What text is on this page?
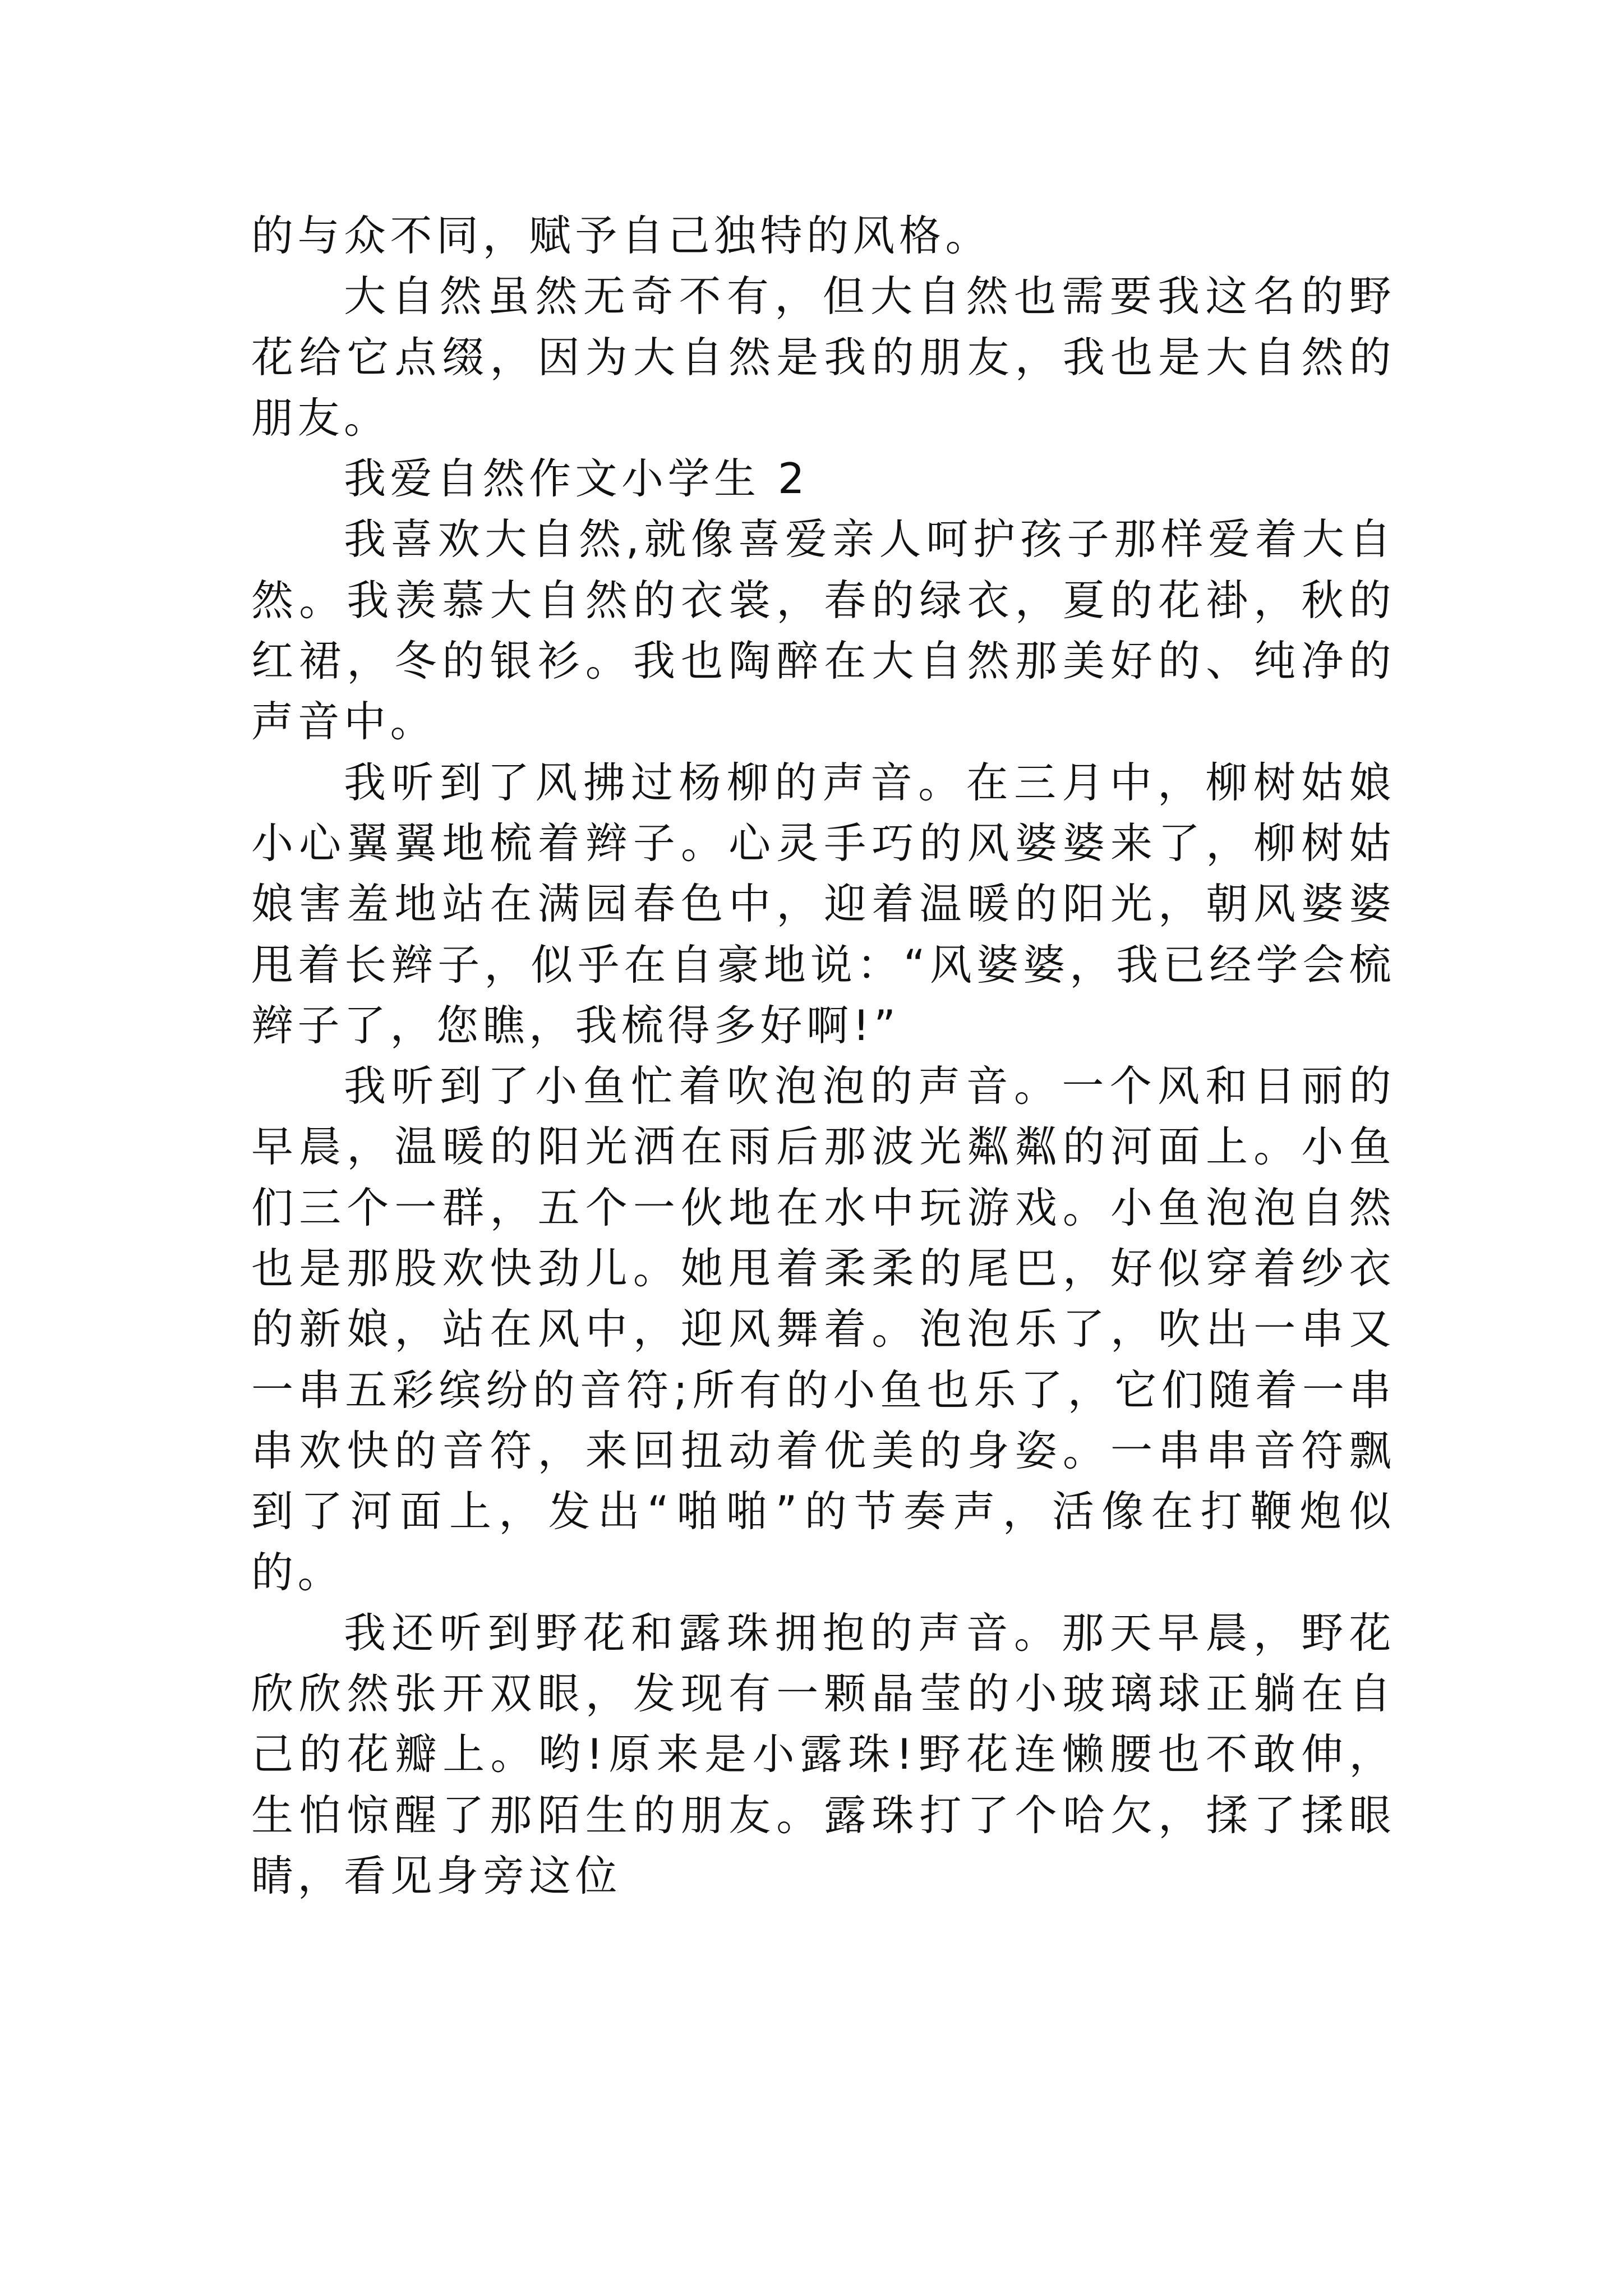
的与众不同，赋予自己独特的风格。

大自然虽然无奇不有，但大自然也需要我这名的野花给它点缀，因为大自然是我的朋友，我也是大自然的朋友。

我爱自然作文小学生 2

我喜欢大自然,就像喜爱亲人呵护孩子那样爱着大自然。我羡慕大自然的衣裳，春的绿衣，夏的花褂，秋的红裙，冬的银衫。我也陶醉在大自然那美好的、纯净的声音中。

我听到了风拂过杨柳的声音。在三月中，柳树姑娘小心翼翼地梳着辫子。心灵手巧的风婆婆来了，柳树姑娘害羞地站在满园春色中，迎着温暖的阳光，朝风婆婆甩着长辫子，似乎在自豪地说：“风婆婆，我已经学会梳辫子了，您瞧，我梳得多好啊!”

我听到了小鱼忙着吹泡泡的声音。一个风和日丽的早晨，温暖的阳光洒在雨后那波光粼粼的河面上。小鱼们三个一群，五个一伙地在水中玩游戏。小鱼泡泡自然也是那股欢快劲儿。她甩着柔柔的尾巴，好似穿着纱衣的新娘，站在风中，迎风舞着。泡泡乐了，吹出一串又一串五彩缤纷的音符;所有的小鱼也乐了，它们随着一串串欢快的音符，来回扭动着优美的身姿。一串串音符飘到了河面上，发出“啪啪”的节奏声，活像在打鞭炮似的。

我还听到野花和露珠拥抱的声音。那天早晨，野花欣欣然张开双眼，发现有一颗晶莹的小玻璃球正躺在自己的花瓣上。哟!原来是小露珠!野花连懒腰也不敢伸，生怕惊醒了那陌生的朋友。露珠打了个哈欠，揉了揉眼睛，看见身旁这位
